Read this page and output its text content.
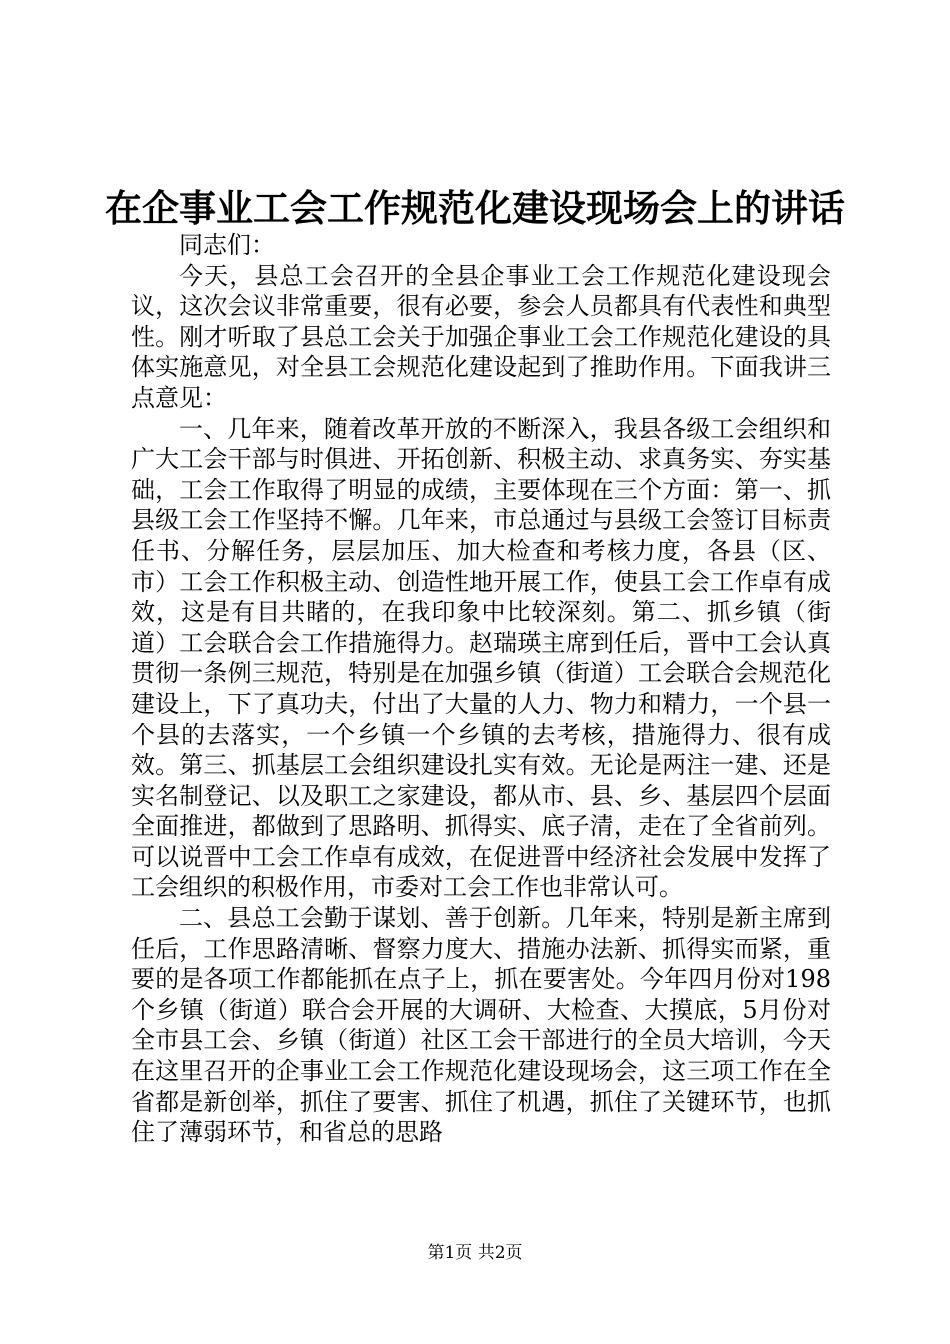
在企事业工会工作规范化建设现场会上的讲话

同志们：

今天，县总工会召开的全县企事业工会工作规范化建设现会议，这次会议非常重要，很有必要，参会人员都具有代表性和典型性。刚才听取了县总工会关于加强企事业工会工作规范化建设的具体实施意见，对全县工会规范化建设起到了推助作用。下面我讲三点意见：

一、几年来，随着改革开放的不断深入，我县各级工会组织和广大工会干部与时俱进、开拓创新、积极主动、求真务实、夯实基础，工会工作取得了明显的成绩，主要体现在三个方面：第一、抓县级工会工作坚持不懈。几年来，市总通过与县级工会签订目标责任书、分解任务，层层加压、加大检查和考核力度，各县（区、市）工会工作积极主动、创造性地开展工作，使县工会工作卓有成效，这是有目共睹的，在我印象中比较深刻。第二、抓乡镇（街道）工会联合会工作措施得力。赵瑞瑛主席到任后，晋中工会认真贯彻一条例三规范，特别是在加强乡镇（街道）工会联合会规范化建设上，下了真功夫，付出了大量的人力、物力和精力，一个县一个县的去落实，一个乡镇一个乡镇的去考核，措施得力、很有成效。第三、抓基层工会组织建设扎实有效。无论是两注一建、还是实名制登记、以及职工之家建设，都从市、县、乡、基层四个层面全面推进，都做到了思路明、抓得实、底子清，走在了全省前列。可以说晋中工会工作卓有成效，在促进晋中经济社会发展中发挥了工会组织的积极作用，市委对工会工作也非常认可。

二、县总工会勤于谋划、善于创新。几年来，特别是新主席到任后，工作思路清晰、督察力度大、措施办法新、抓得实而紧，重要的是各项工作都能抓在点子上，抓在要害处。今年四月份对198个乡镇（街道）联合会开展的大调研、大检查、大摸底，5月份对全市县工会、乡镇（街道）社区工会干部进行的全员大培训，今天在这里召开的企事业工会工作规范化建设现场会，这三项工作在全省都是新创举，抓住了要害、抓住了机遇，抓住了关键环节，也抓住了薄弱环节，和省总的思路

第1页 共2页
